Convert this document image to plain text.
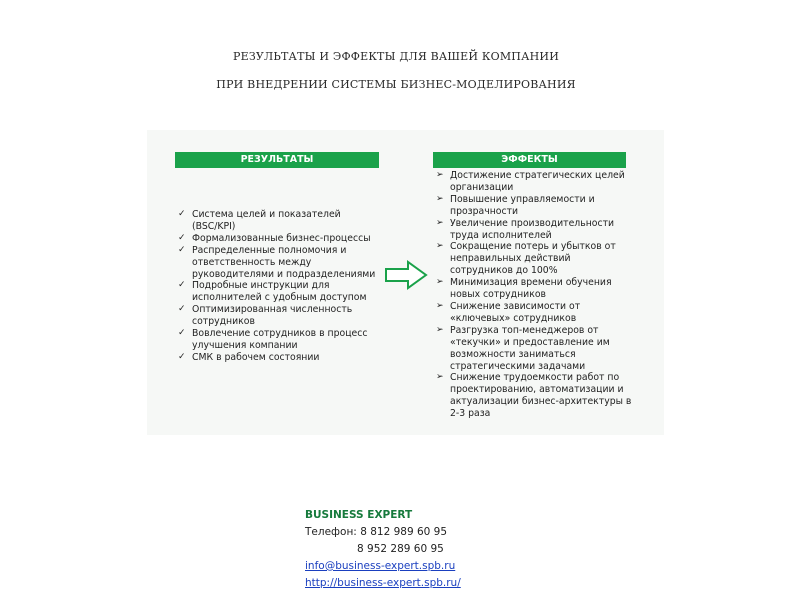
РЕЗУЛЬТАТЫ И ЭФФЕКТЫ ДЛЯ ВАШЕЙ КОМПАНИИ
ПРИ ВНЕДРЕНИИ СИСТЕМЫ БИЗНЕС-МОДЕЛИРОВАНИЯ
РЕЗУЛЬТАТЫ	ЭФФЕКТЫ
✓ Система целей и показателей (BSC/KPI)
✓ Формализованные бизнес-процессы
✓ Распределенные полномочия и ответственность между руководителями и подразделениями
✓ Подробные инструкции для исполнителей с удобным доступом
✓ Оптимизированная численность сотрудников
✓ Вовлечение сотрудников в процесс улучшения компании
✓ СМК в рабочем состоянии
➢ Достижение стратегических целей организации
➢ Повышение управляемости и прозрачности
➢ Увеличение производительности труда исполнителей
➢ Сокращение потерь и убытков от неправильных действий сотрудников до 100%
➢ Минимизация времени обучения новых сотрудников
➢ Снижение зависимости от «ключевых» сотрудников
➢ Разгрузка топ-менеджеров от «текучки» и предоставление им возможности заниматься стратегическими задачами
➢ Снижение трудоемкости работ по проектированию, автоматизации и актуализации бизнес-архитектуры в 2-3 раза
BUSINESS EXPERT
Телефон: 8 812 989 60 95
8 952 289 60 95
info@business-expert.spb.ru
http://business-expert.spb.ru/
